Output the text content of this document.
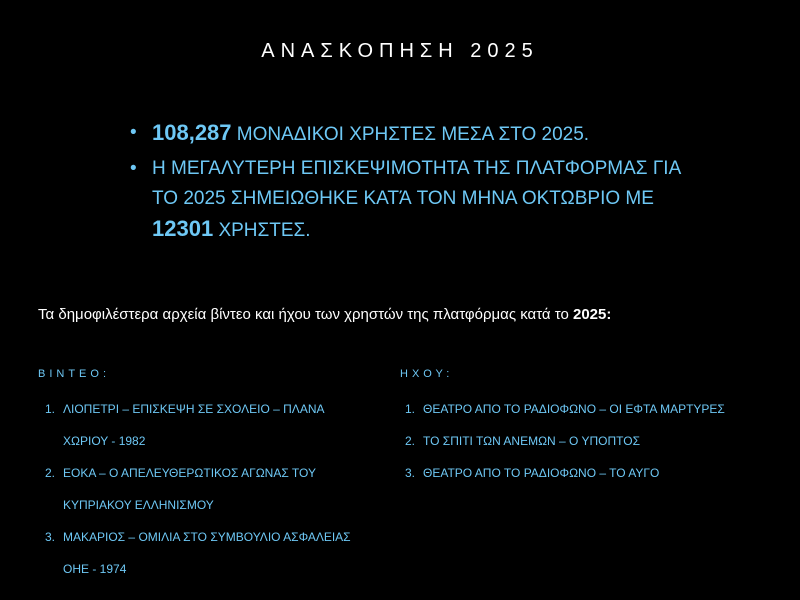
ΑΝΑΣΚΟΠΗΣΗ 2025
• 108,287 ΜΟΝΑΔΙΚΟΙ ΧΡΗΣΤΕΣ ΜΕΣΑ ΣΤΟ 2025.
• Η ΜΕΓΑΛΥΤΕΡΗ ΕΠΙΣΚΕΨΙΜΟΤΗΤΑ ΤΗΣ ΠΛΑΤΦΟΡΜΑΣ ΓΙΑ ΤΟ 2025 ΣΗΜΕΙΩΘΗΚΕ ΚΑΤΆ ΤΟΝ ΜΗΝΑ ΟΚΤΩΒΡΙΟ ΜΕ 12301 ΧΡΗΣΤΕΣ.
Τα δημοφιλέστερα αρχεία βίντεο και ήχου των χρηστών της πλατφόρμας κατά το 2025:
ΒΙΝΤΕΟ:	ΗΧΟΥ:
1. ΛΙΟΠΕΤΡΙ – ΕΠΙΣΚΕΨΗ ΣΕ ΣΧΟΛΕΙΟ – ΠΛΑΝΑ
ΧΩΡΙΟΥ - 1982
2. ΕΟΚΑ – Ο ΑΠΕΛΕΥΘΕΡΩΤΙΚΟΣ ΑΓΩΝΑΣ ΤΟΥ
ΚΥΠΡΙΑΚΟΥ ΕΛΛΗΝΙΣΜΟΥ
3. ΜΑΚΑΡΙΟΣ – ΟΜΙΛΙΑ ΣΤΟ ΣΥΜΒΟΥΛΙΟ ΑΣΦΑΛΕΙΑΣ
ΟΗΕ - 1974
1. ΘΕΑΤΡΟ ΑΠΟ ΤΟ ΡΑΔΙΟΦΩΝΟ – ΟΙ ΕΦΤΑ ΜΑΡΤΥΡΕΣ
2. ΤΟ ΣΠΙΤΙ ΤΩΝ ΑΝΕΜΩΝ – Ο ΥΠΟΠΤΟΣ
3. ΘΕΑΤΡΟ ΑΠΟ ΤΟ ΡΑΔΙΟΦΩΝΟ – ΤΟ ΑΥΓΟ
